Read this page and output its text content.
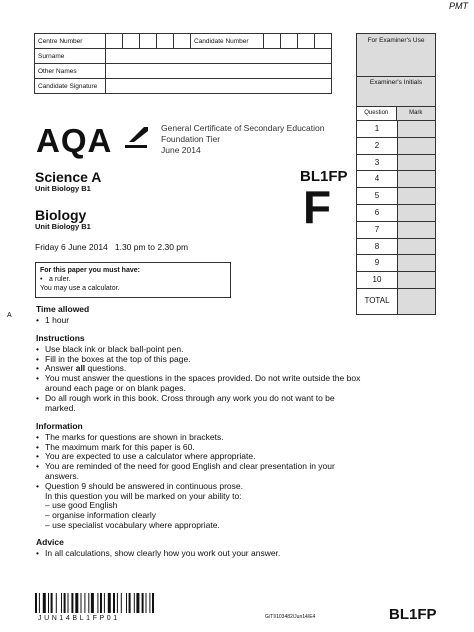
PMT
A
Centre Number						Candidate Number				
Surname										
Other Names										
Candidate Signature										
For Examiner's Use
Examiner's Initials
Question	Mark
1
2
3
4
5
6
7
8
9
10
TOTAL
AQA	General Certificate of Secondary Education
Foundation Tier
June 2014
Science A
Unit Biology B1
BL1FP
F
Biology
Unit Biology B1
Friday 6 June 2014   1.30 pm to 2.30 pm
For this paper you must have:
• a ruler.
You may use a calculator.
Time allowed
• 1 hour
Instructions
• Use black ink or black ball-point pen.
• Fill in the boxes at the top of this page.
• Answer all questions.
• You must answer the questions in the spaces provided. Do not write outside the box around each page or on blank pages.
• Do all rough work in this book. Cross through any work you do not want to be marked.
Information
• The marks for questions are shown in brackets.
• The maximum mark for this paper is 60.
• You are expected to use a calculator where appropriate.
• You are reminded of the need for good English and clear presentation in your answers.
• Question 9 should be answered in continuous prose.
In this question you will be marked on your ability to:
– use good English
– organise information clearly
– use specialist vocabulary where appropriate.
Advice
• In all calculations, show clearly how you work out your answer.
JUN14BL1FP01	G/TI/103482/Jun14/E4	BL1FP
